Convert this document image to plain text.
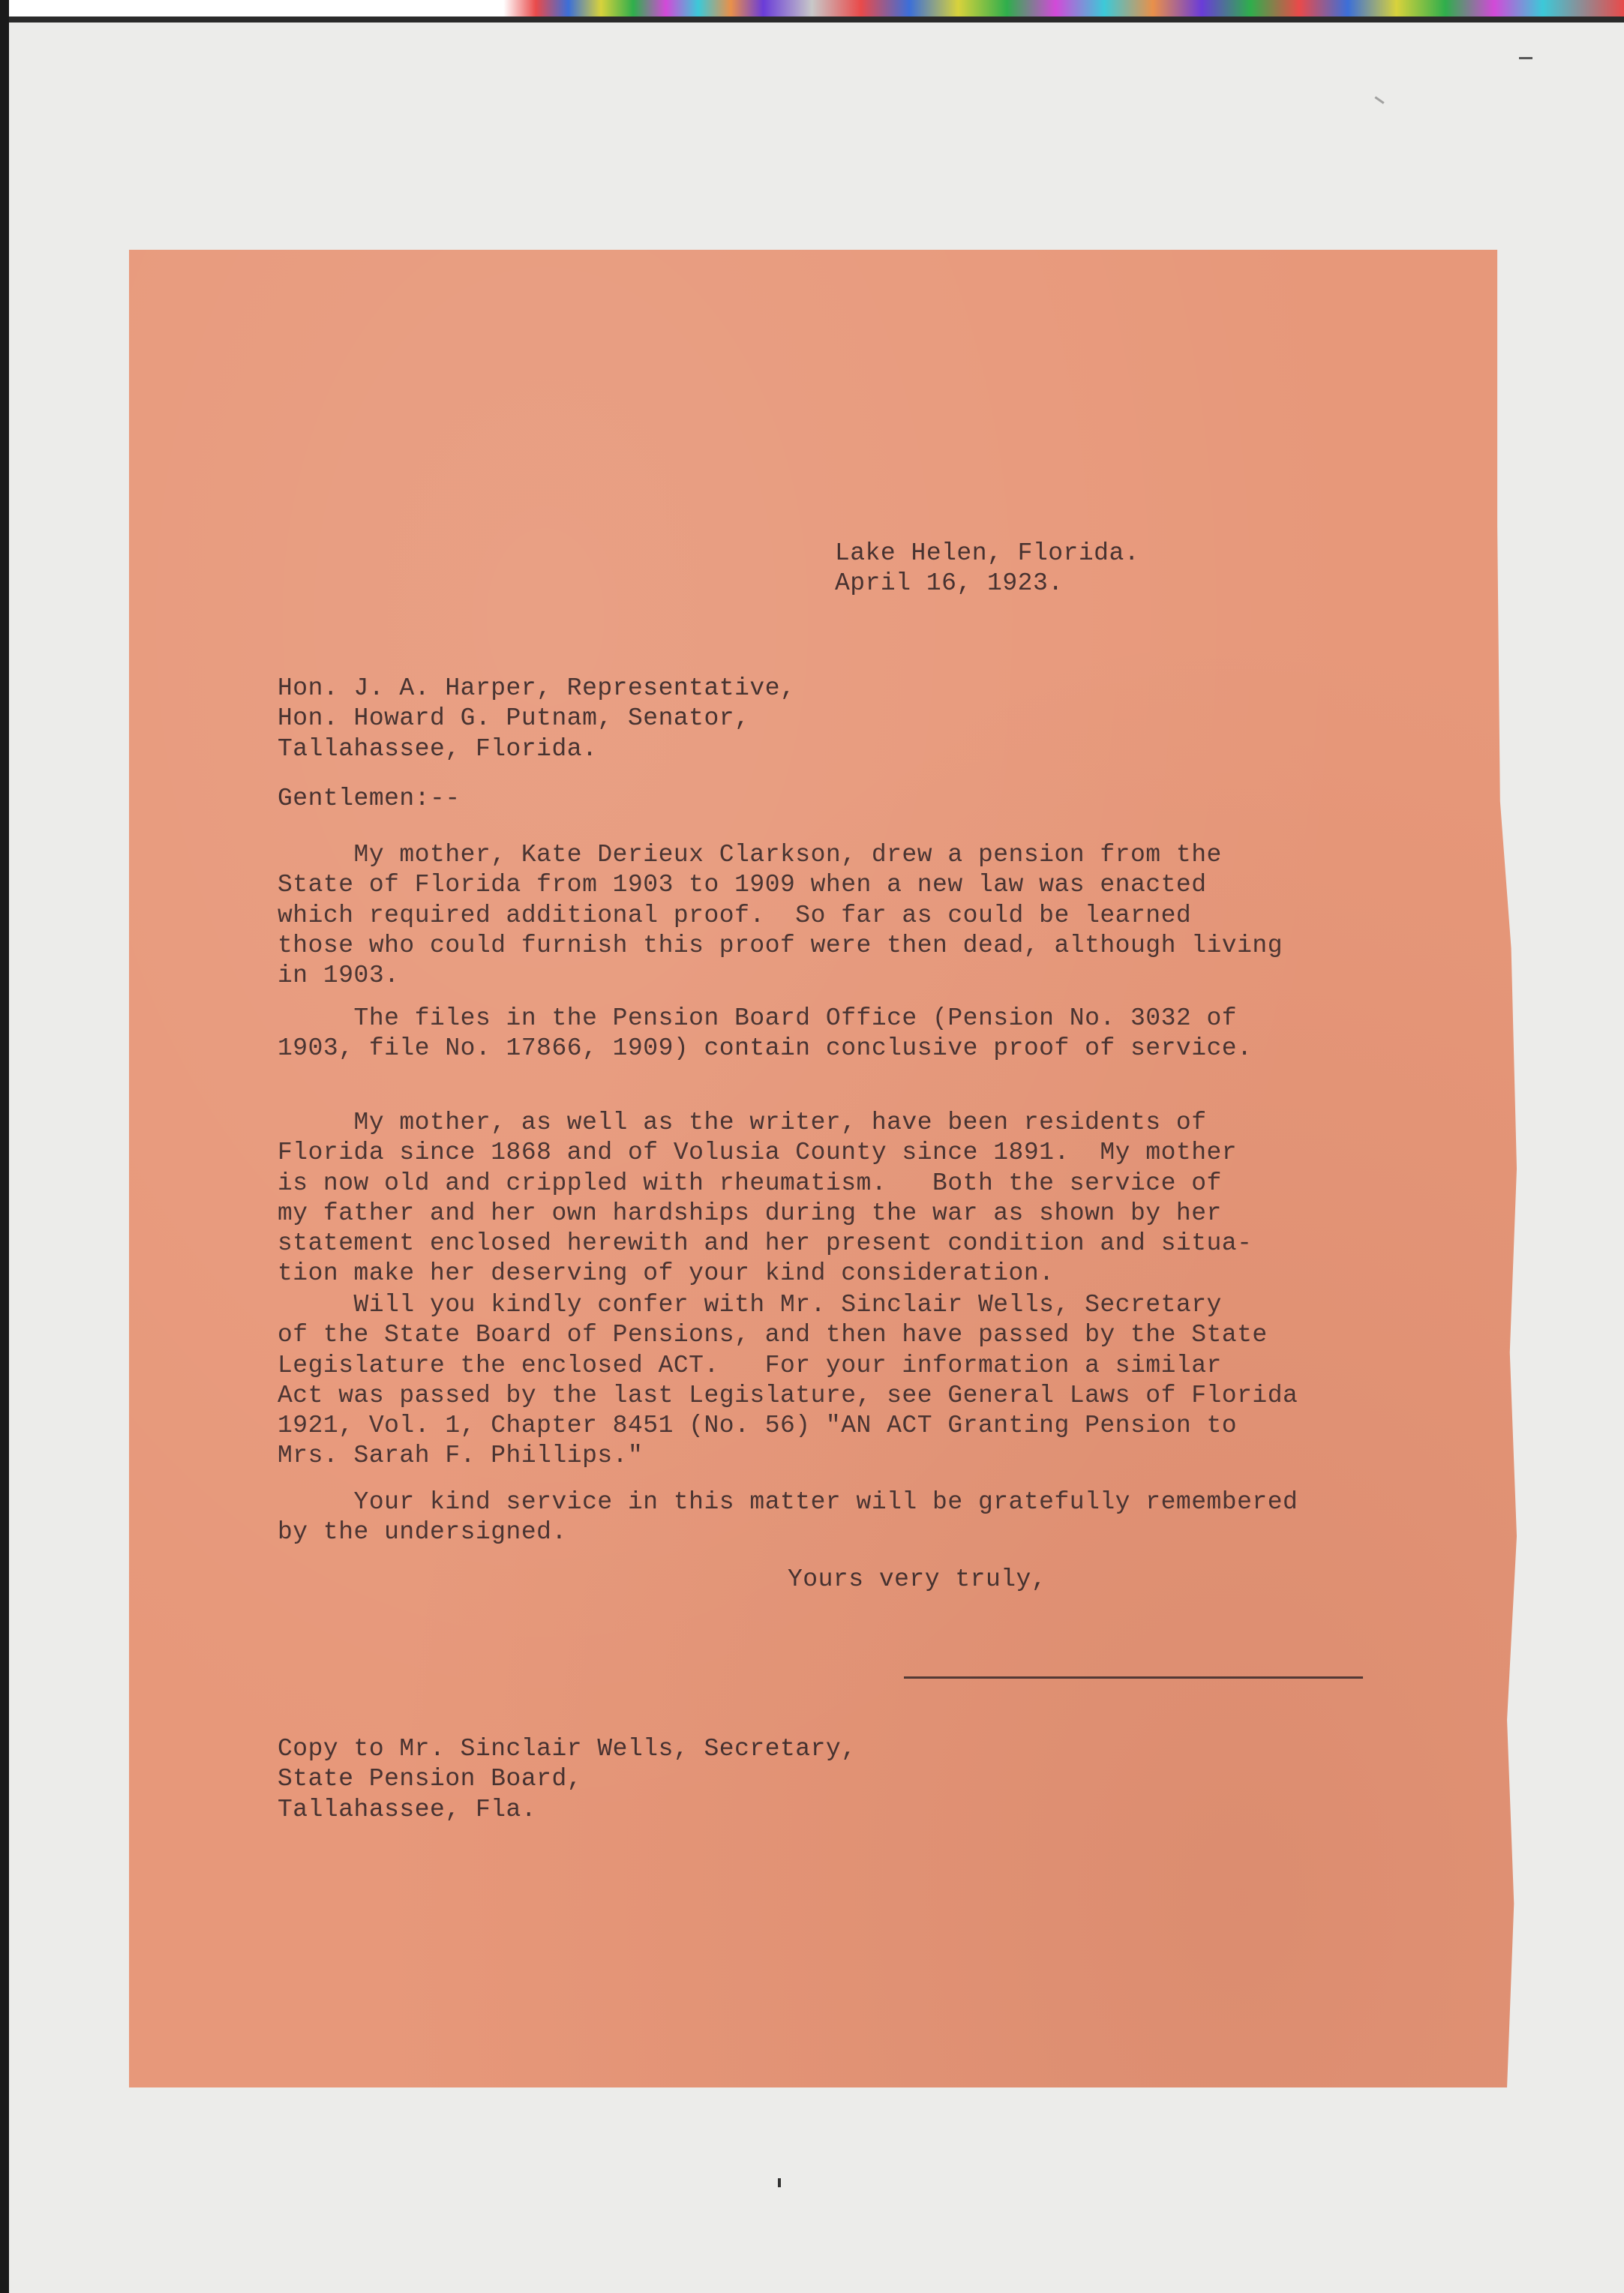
Lake Helen, Florida.
April 16, 1923.
Hon. J. A. Harper, Representative,
Hon. Howard G. Putnam, Senator,
Tallahassee, Florida.
Gentlemen:--
My mother, Kate Derieux Clarkson, drew a pension from the
State of Florida from 1903 to 1909 when a new law was enacted
which required additional proof.  So far as could be learned
those who could furnish this proof were then dead, although living
in 1903.
The files in the Pension Board Office (Pension No. 3032 of
1903, file No. 17866, 1909) contain conclusive proof of service.
My mother, as well as the writer, have been residents of
Florida since 1868 and of Volusia County since 1891.  My mother
is now old and crippled with rheumatism.   Both the service of
my father and her own hardships during the war as shown by her
statement enclosed herewith and her present condition and situa-
tion make her deserving of your kind consideration.
Will you kindly confer with Mr. Sinclair Wells, Secretary
of the State Board of Pensions, and then have passed by the State
Legislature the enclosed ACT.   For your information a similar
Act was passed by the last Legislature, see General Laws of Florida
1921, Vol. 1, Chapter 8451 (No. 56) "AN ACT Granting Pension to
Mrs. Sarah F. Phillips."
Your kind service in this matter will be gratefully remembered
by the undersigned.
Yours very truly,
Copy to Mr. Sinclair Wells, Secretary,
State Pension Board,
Tallahassee, Fla.
